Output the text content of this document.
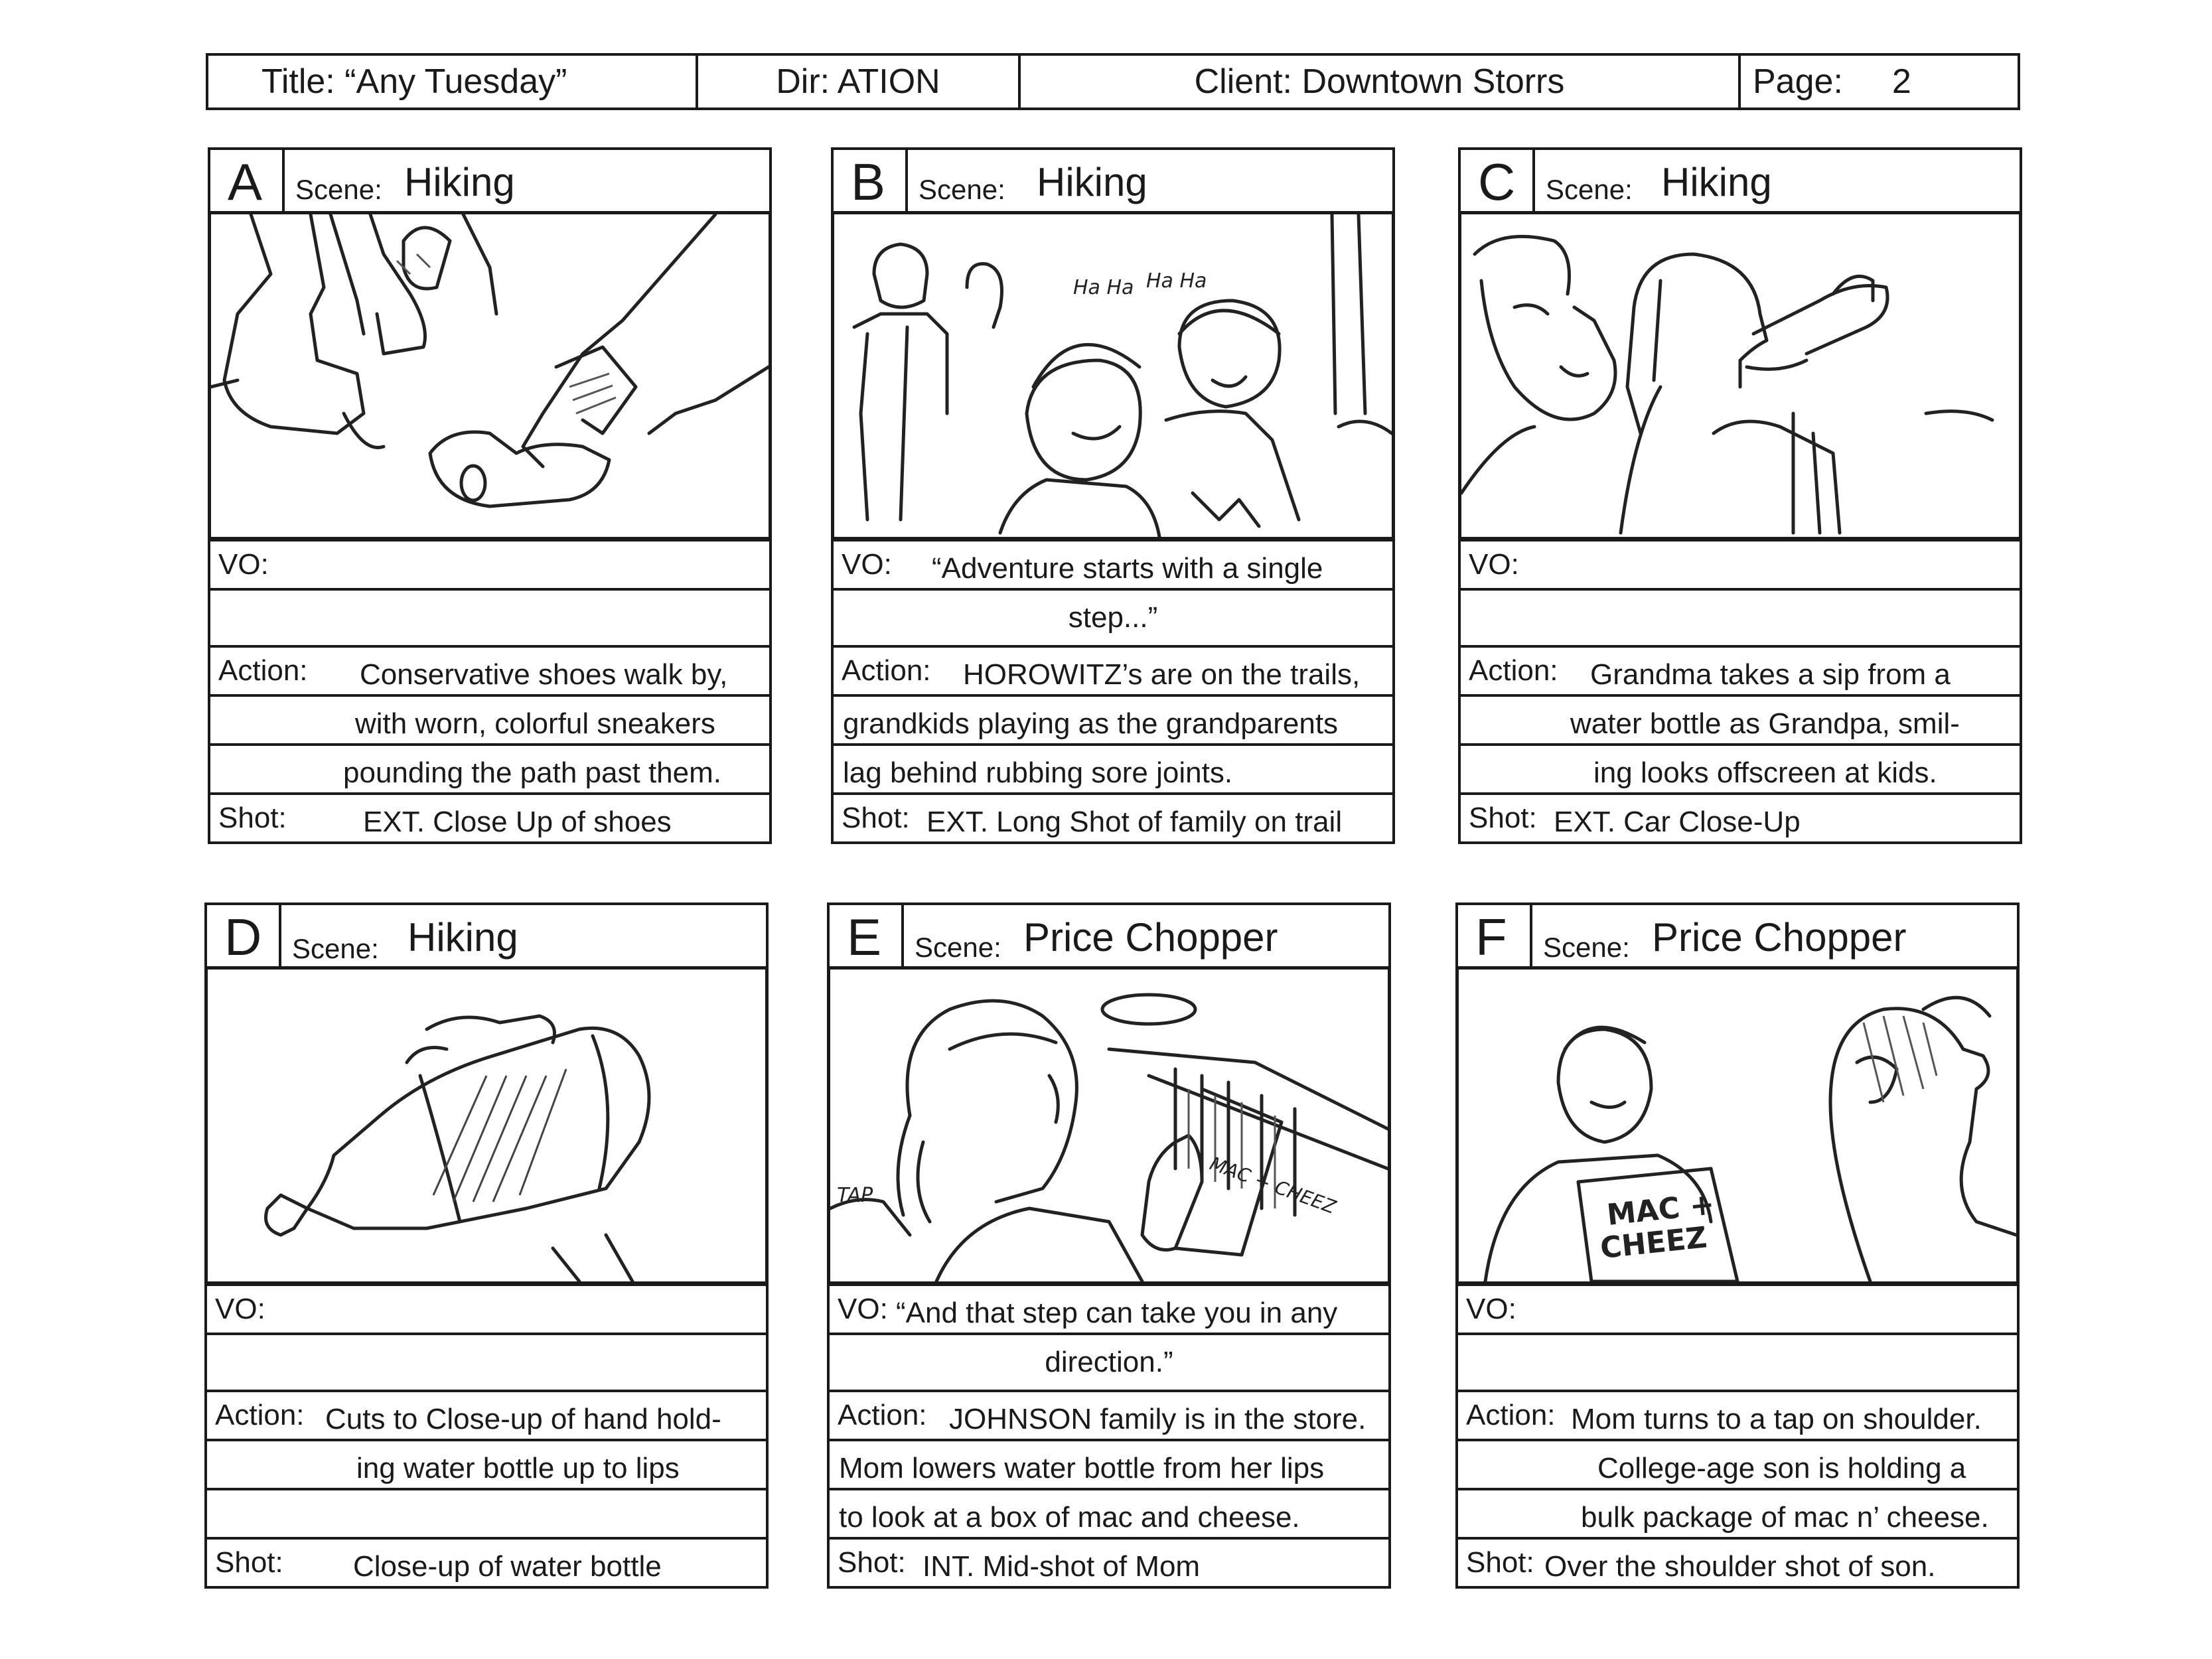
Title: “Any Tuesday”	Dir: ATION	Client: Downtown Storrs	Page: 2
A	Scene: Hiking
VO:
Action: Conservative shoes walk by,
with worn, colorful sneakers
pounding the path past them.
Shot:	EXT. Close Up of shoes
B	Scene: Hiking
Ha Ha Ha Ha
VO: “Adventure starts with a single
step...”
Action: HOROWITZ’s are on the trails,
grandkids playing as the grandparents
lag behind rubbing sore joints.
Shot: EXT. Long Shot of family on trail
C	Scene: Hiking
VO:
Action: Grandma takes a sip from a
water bottle as Grandpa, smil-
ing looks offscreen at kids.
Shot: EXT. Car Close-Up
D	Scene: Hiking
VO:
Action: Cuts to Close-up of hand hold-
ing water bottle up to lips
Shot: Close-up of water bottle
E	Scene: Price Chopper
TAP	MAC + CHEEZ
VO: “And that step can take you in any
direction.”
Action: JOHNSON family is in the store.
Mom lowers water bottle from her lips
to look at a box of mac and cheese.
Shot: INT. Mid-shot of Mom
F	Scene: Price Chopper
MAC +
CHEEZ
VO:
Action: Mom turns to a tap on shoulder.
College-age son is holding a
bulk package of mac n’ cheese.
Shot: Over the shoulder shot of son.
